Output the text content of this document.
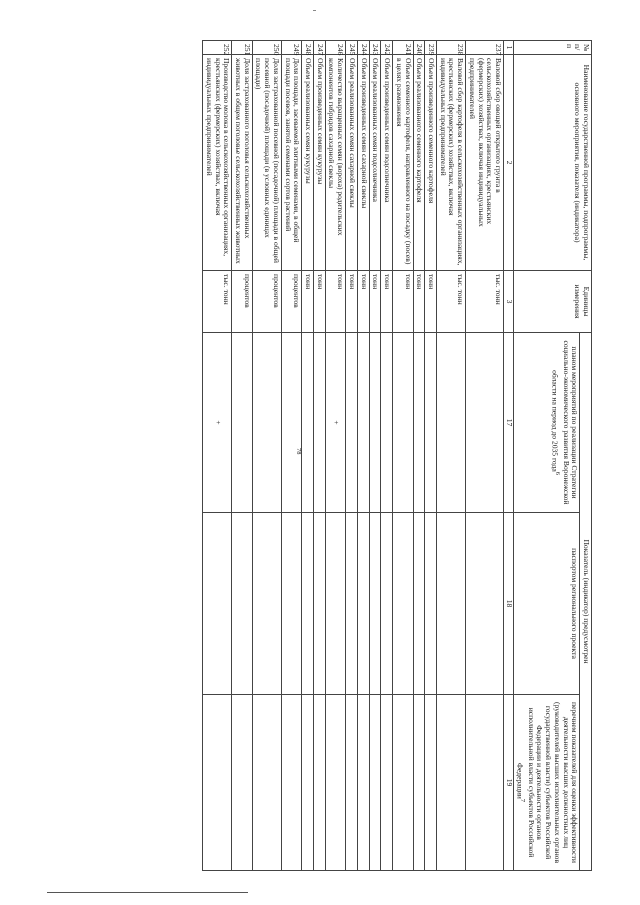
78
№ п/п	Наименование государственной программы, подпрограммы, основного мероприятия, показателя (индикатора)	Единицы измерения	Показатель (индикатор) предусмотрен		
			планом мероприятий по реализации Стратегии социально-экономического развития Воронежской области на период до 2035 года$^6$	паспортом регионального проекта	перечнем показателей для оценки эффективности деятельности высших должностных лиц (руководителей высших исполнительных органов государственной власти) субъектов Российской Федерации и деятельности органов исполнительной власти субъектов Российской Федерации$^7$
1	2	3	17	18	19
237	Валовой сбор овощей открытого грунта в сельскохозяйственных организациях, крестьянских (фермерских) хозяйствах, включая индивидуальных предпринимателей	тыс. тонн			
238	Валовой сбор картофеля в сельскохозяйственных организациях, крестьянских (фермерских) хозяйствах, включая индивидуальных предпринимателей	тыс. тонн			
239	Объем произведенного семенного картофеля	тонн			
240	Объем реализованного семенного картофеля	тонн			
241	Объем семенного картофеля, направленного на посадку (посев) в целях размножения	тонн			
242	Объем произведенных семян подсолнечника	тонн			
243	Объем реализованных семян подсолнечника	тонн			
244	Объем произведенных семян сахарной свеклы	тонн			
245	Объем реализованных семян сахарной свеклы	тонн			
246	Количество выращенных семян (вороха) родительских компонентов гибридов сахарной свеклы	тонн	+		
247	Объем произведенных семян кукурузы	тонн			
248	Объем реализованных семян кукурузы	тонн			
249	Доля площади, засеваемой элитными семенами, в общей площади посевов, занятой семенами сортов растений	процентов			
250	Доля застрахованной посевной (посадочной) площади в общей посевной (посадочной) площади (в условных единицах площади)	процентов			
251	Доля застрахованного поголовья сельскохозяйственных животных в общем поголовье сельскохозяйственных животных	процентов			
252	Производство молока в сельскохозяйственных организациях, крестьянских (фермерских) хозяйствах, включая индивидуальных предпринимателей	тыс. тонн	+		
